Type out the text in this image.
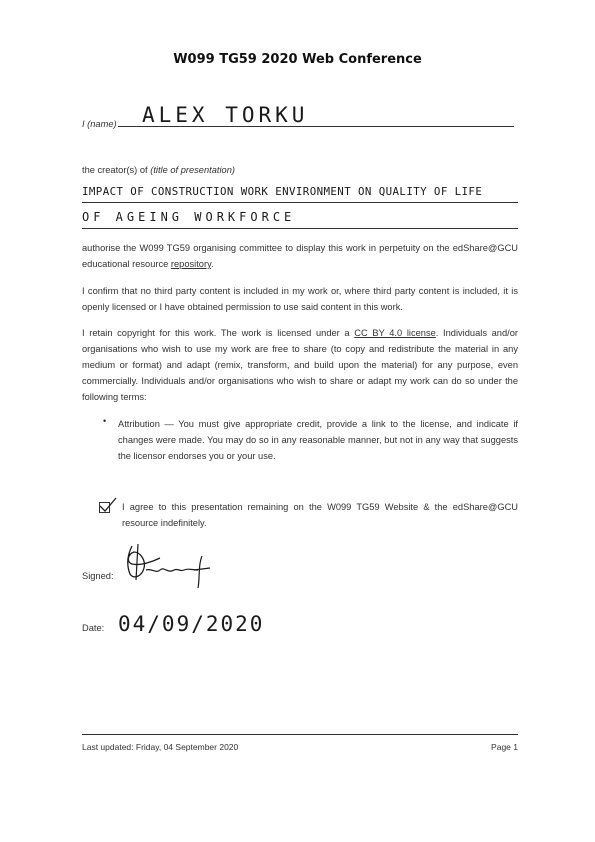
W099 TG59 2020 Web Conference
I (name) ALEX TORKU
the creator(s) of (title of presentation)
IMPACT OF CONSTRUCTION WORK ENVIRONMENT ON QUALITY OF LIFE
OF AGEING WORKFORCE
authorise the W099 TG59 organising committee to display this work in perpetuity on the edShare@GCU educational resource repository.
I confirm that no third party content is included in my work or, where third party content is included, it is openly licensed or I have obtained permission to use said content in this work.
I retain copyright for this work. The work is licensed under a CC BY 4.0 license. Individuals and/or organisations who wish to use my work are free to share (to copy and redistribute the material in any medium or format) and adapt (remix, transform, and build upon the material) for any purpose, even commercially. Individuals and/or organisations who wish to share or adapt my work can do so under the following terms:
• Attribution — You must give appropriate credit, provide a link to the license, and indicate if changes were made. You may do so in any reasonable manner, but not in any way that suggests the licensor endorses you or your use.
I agree to this presentation remaining on the W099 TG59 Website & the edShare@GCU resource indefinitely.
Signed:
Date: 04/09/2020
Last updated: Friday, 04 September 2020	Page 1
